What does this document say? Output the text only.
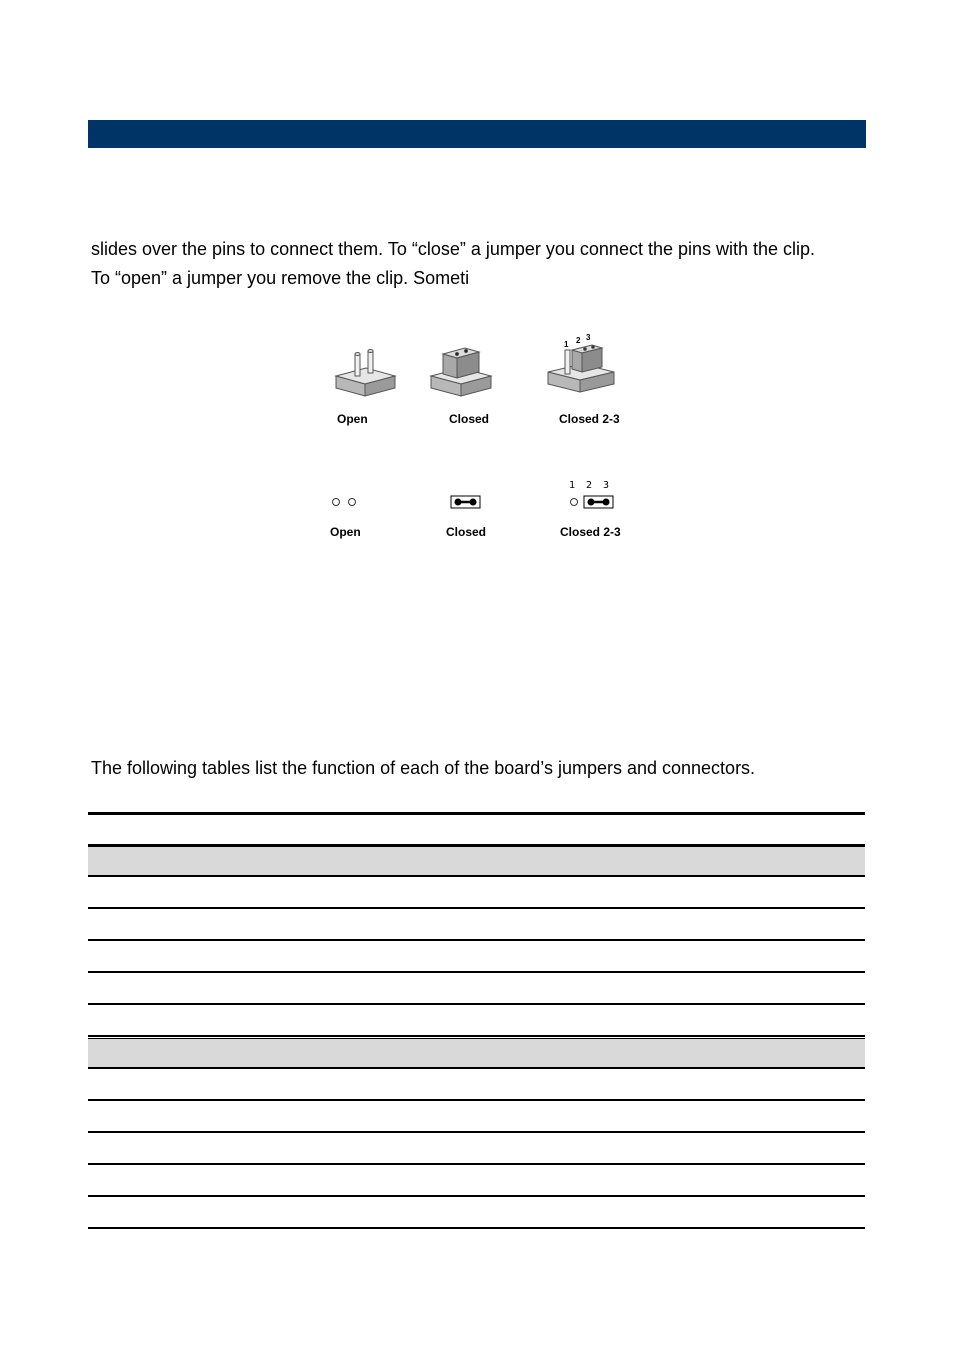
slides over the pins to connect them. To “close” a jumper you connect the pins with the clip.
To “open” a jumper you remove the clip. Someti
1 2 3
Open	Closed	Closed 2-3
1 2 3
Open	Closed	Closed 2-3
The following tables list the function of each of the board’s jumpers and connectors.
